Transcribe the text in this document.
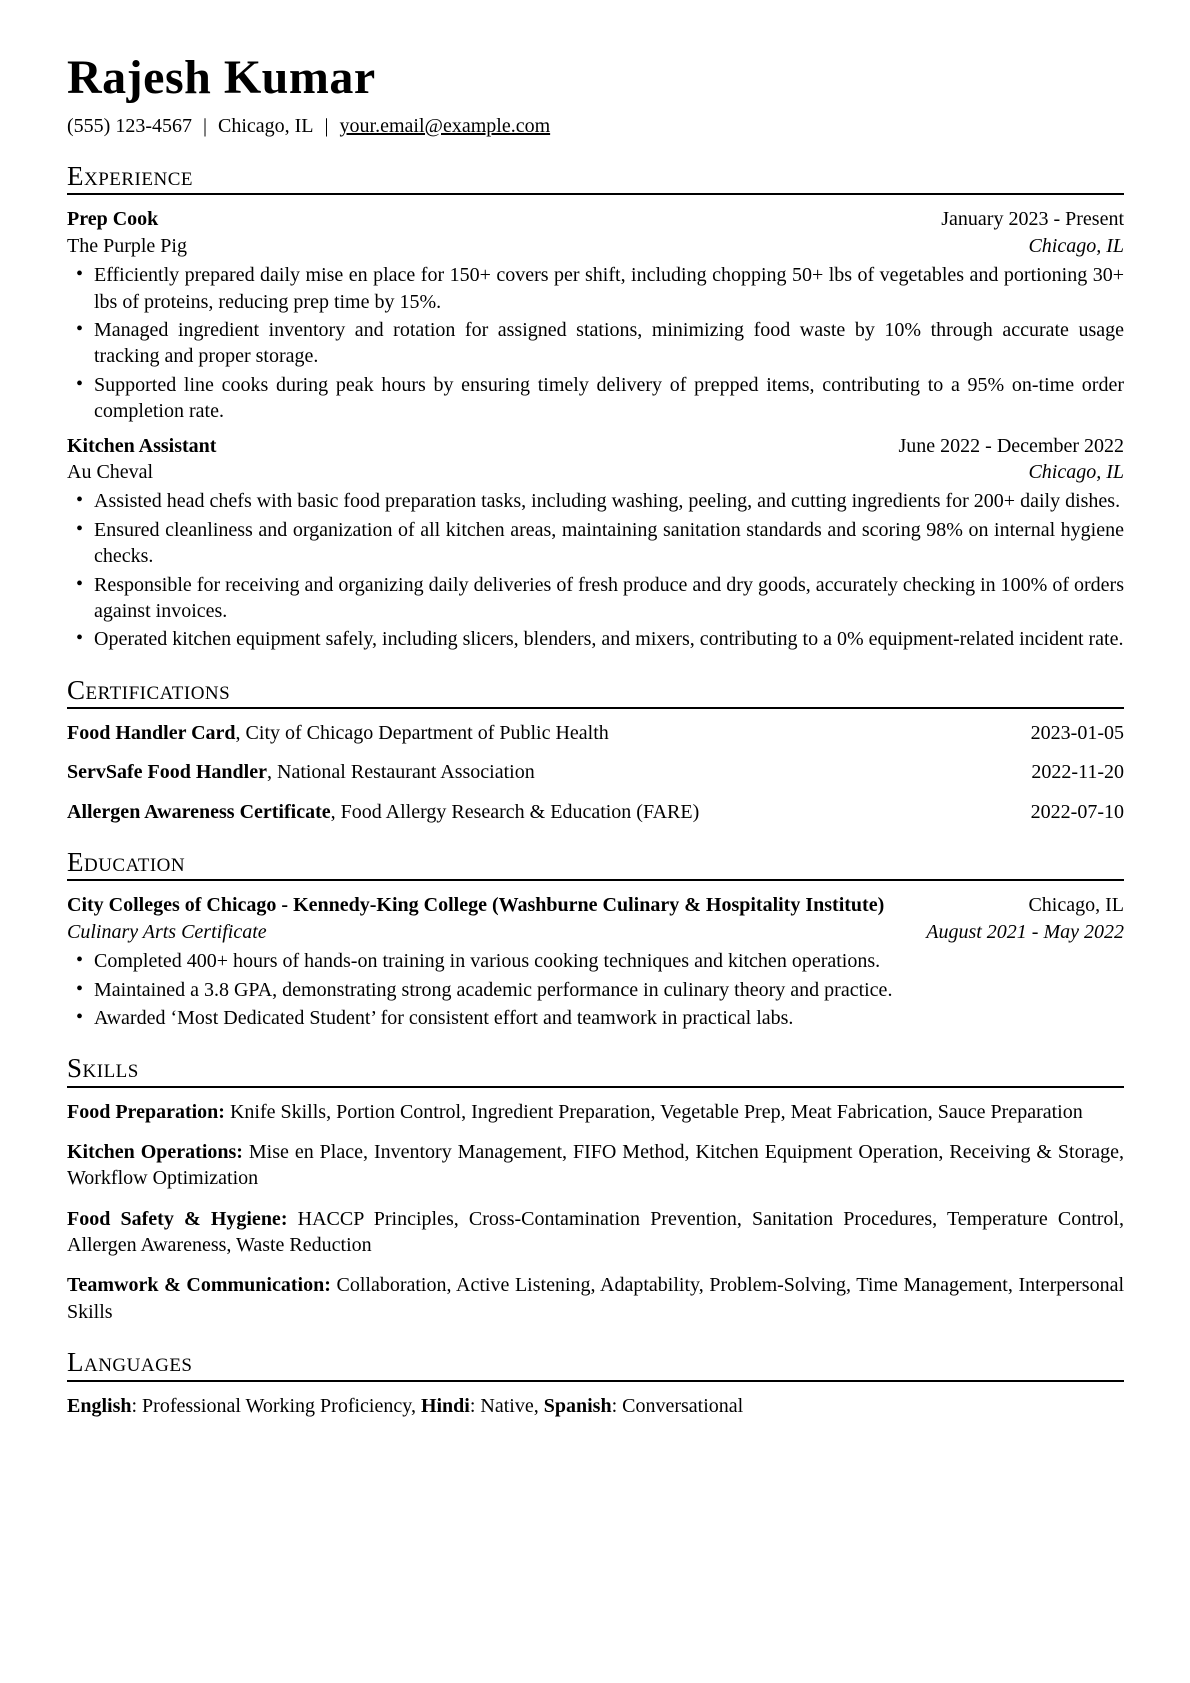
Rajesh Kumar
(555) 123-4567 | Chicago, IL | your.email@example.com
Experience
Prep Cook	January 2023 - Present
The Purple Pig	Chicago, IL
• Efficiently prepared daily mise en place for 150+ covers per shift, including chopping 50+ lbs of vegetables and portioning 30+ lbs of proteins, reducing prep time by 15%.
• Managed ingredient inventory and rotation for assigned stations, minimizing food waste by 10% through accurate usage tracking and proper storage.
• Supported line cooks during peak hours by ensuring timely delivery of prepped items, contributing to a 95% on-time order completion rate.
Kitchen Assistant	June 2022 - December 2022
Au Cheval	Chicago, IL
• Assisted head chefs with basic food preparation tasks, including washing, peeling, and cutting ingredients for 200+ daily dishes.
• Ensured cleanliness and organization of all kitchen areas, maintaining sanitation standards and scoring 98% on internal hygiene checks.
• Responsible for receiving and organizing daily deliveries of fresh produce and dry goods, accurately checking in 100% of orders against invoices.
• Operated kitchen equipment safely, including slicers, blenders, and mixers, contributing to a 0% equipment-related incident rate.
Certifications
Food Handler Card, City of Chicago Department of Public Health	2023-01-05
ServSafe Food Handler, National Restaurant Association	2022-11-20
Allergen Awareness Certificate, Food Allergy Research & Education (FARE)	2022-07-10
Education
City Colleges of Chicago - Kennedy-King College (Washburne Culinary & Hospitality Institute)	Chicago, IL
Culinary Arts Certificate	August 2021 - May 2022
• Completed 400+ hours of hands-on training in various cooking techniques and kitchen operations.
• Maintained a 3.8 GPA, demonstrating strong academic performance in culinary theory and practice.
• Awarded ‘Most Dedicated Student’ for consistent effort and teamwork in practical labs.
Skills

Food Preparation: Knife Skills, Portion Control, Ingredient Preparation, Vegetable Prep, Meat Fabrication, Sauce Preparation

Kitchen Operations: Mise en Place, Inventory Management, FIFO Method, Kitchen Equipment Operation, Receiving & Storage, Workflow Optimization

Food Safety & Hygiene: HACCP Principles, Cross-Contamination Prevention, Sanitation Procedures, Temperature Control, Allergen Awareness, Waste Reduction

Teamwork & Communication: Collaboration, Active Listening, Adaptability, Problem-Solving, Time Management, Interpersonal Skills

Languages

English: Professional Working Proficiency, Hindi: Native, Spanish: Conversational
